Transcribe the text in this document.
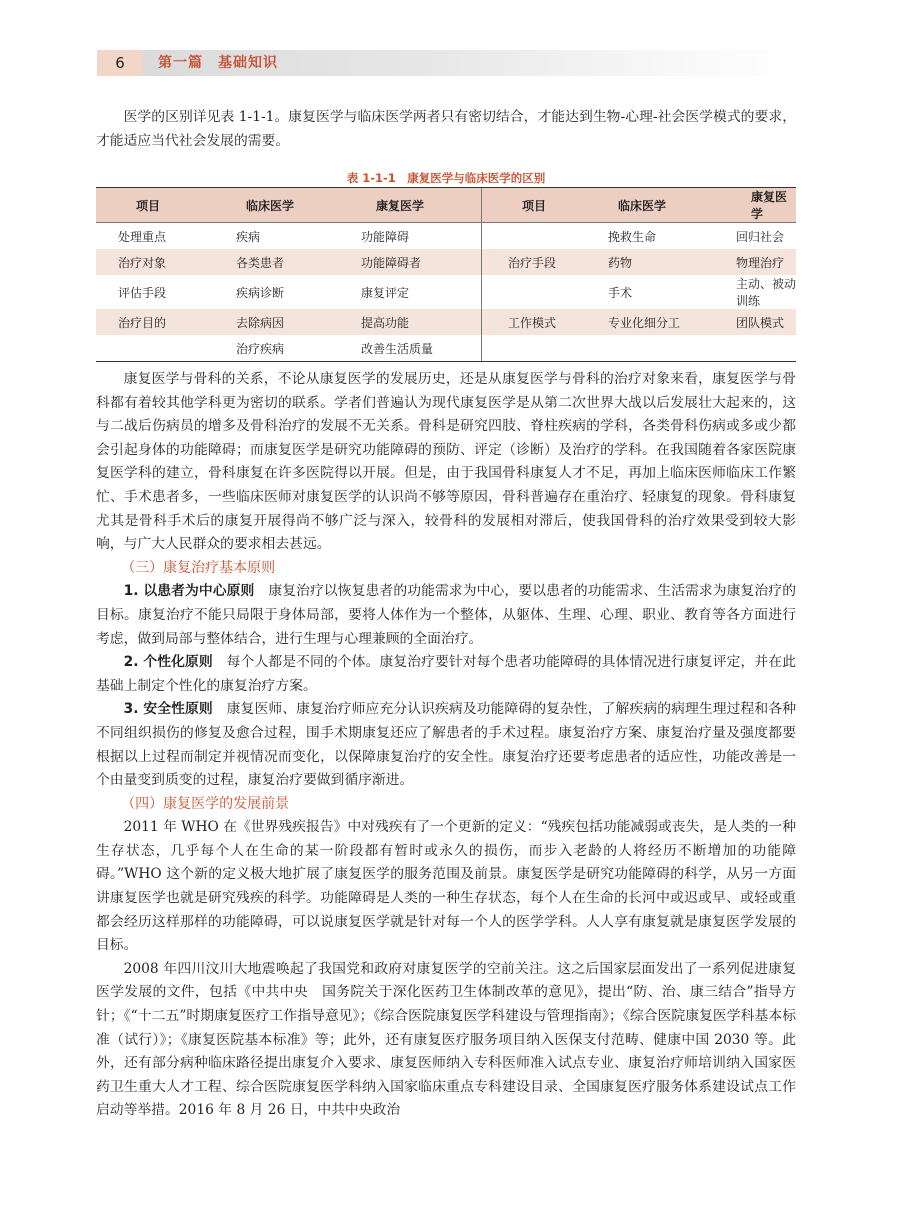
6	第一篇　基础知识

医学的区别详见表 1-1-1。康复医学与临床医学两者只有密切结合，才能达到生物-心理-社会医学模式的要求，才能适应当代社会发展的需要。

表 1-1-1　康复医学与临床医学的区别
项目	临床医学	康复医学	项目	临床医学	康复医学
处理重点	疾病	功能障碍		挽救生命	回归社会
治疗对象	各类患者	功能障碍者	治疗手段	药物	物理治疗
评估手段	疾病诊断	康复评定		手术	主动、被动训练
治疗目的	去除病因	提高功能	工作模式	专业化细分工	团队模式
	治疗疾病	改善生活质量			

康复医学与骨科的关系，不论从康复医学的发展历史，还是从康复医学与骨科的治疗对象来看，康复医学与骨科都有着较其他学科更为密切的联系。学者们普遍认为现代康复医学是从第二次世界大战以后发展壮大起来的，这与二战后伤病员的增多及骨科治疗的发展不无关系。骨科是研究四肢、脊柱疾病的学科，各类骨科伤病或多或少都会引起身体的功能障碍；而康复医学是研究功能障碍的预防、评定（诊断）及治疗的学科。在我国随着各家医院康复医学科的建立，骨科康复在许多医院得以开展。但是，由于我国骨科康复人才不足，再加上临床医师临床工作繁忙、手术患者多，一些临床医师对康复医学的认识尚不够等原因，骨科普遍存在重治疗、轻康复的现象。骨科康复尤其是骨科手术后的康复开展得尚不够广泛与深入，较骨科的发展相对滞后，使我国骨科的治疗效果受到较大影响，与广大人民群众的要求相去甚远。

（三）康复治疗基本原则

1. 以患者为中心原则　 康复治疗以恢复患者的功能需求为中心，要以患者的功能需求、生活需求为康复治疗的目标。康复治疗不能只局限于身体局部，要将人体作为一个整体，从躯体、生理、心理、职业、教育等各方面进行考虑，做到局部与整体结合，进行生理与心理兼顾的全面治疗。

2. 个性化原则　 每个人都是不同的个体。康复治疗要针对每个患者功能障碍的具体情况进行康复评定，并在此基础上制定个性化的康复治疗方案。

3. 安全性原则　 康复医师、康复治疗师应充分认识疾病及功能障碍的复杂性，了解疾病的病理生理过程和各种不同组织损伤的修复及愈合过程，围手术期康复还应了解患者的手术过程。康复治疗方案、康复治疗量及强度都要根据以上过程而制定并视情况而变化，以保障康复治疗的安全性。康复治疗还要考虑患者的适应性，功能改善是一个由量变到质变的过程，康复治疗要做到循序渐进。

（四）康复医学的发展前景

2011 年 WHO 在《世界残疾报告》中对残疾有了一个更新的定义：“残疾包括功能减弱或丧失，是人类的一种生存状态，几乎每个人在生命的某一阶段都有暂时或永久的损伤，而步入老龄的人将经历不断增加的功能障碍。”WHO 这个新的定义极大地扩展了康复医学的服务范围及前景。康复医学是研究功能障碍的科学，从另一方面讲康复医学也就是研究残疾的科学。功能障碍是人类的一种生存状态，每个人在生命的长河中或迟或早、或轻或重都会经历这样那样的功能障碍，可以说康复医学就是针对每一个人的医学学科。人人享有康复就是康复医学发展的目标。

2008 年四川汶川大地震唤起了我国党和政府对康复医学的空前关注。这之后国家层面发出了一系列促进康复医学发展的文件，包括《中共中央　国务院关于深化医药卫生体制改革的意见》，提出“防、治、康三结合”指导方针；《“十二五”时期康复医疗工作指导意见》；《综合医院康复医学科建设与管理指南》；《综合医院康复医学科基本标准（试行）》；《康复医院基本标准》等；此外，还有康复医疗服务项目纳入医保支付范畴、健康中国 2030 等。此外，还有部分病种临床路径提出康复介入要求、康复医师纳入专科医师准入试点专业、康复治疗师培训纳入国家医药卫生重大人才工程、综合医院康复医学科纳入国家临床重点专科建设目录、全国康复医疗服务体系建设试点工作启动等举措。2016 年 8 月 26 日，中共中央政治
